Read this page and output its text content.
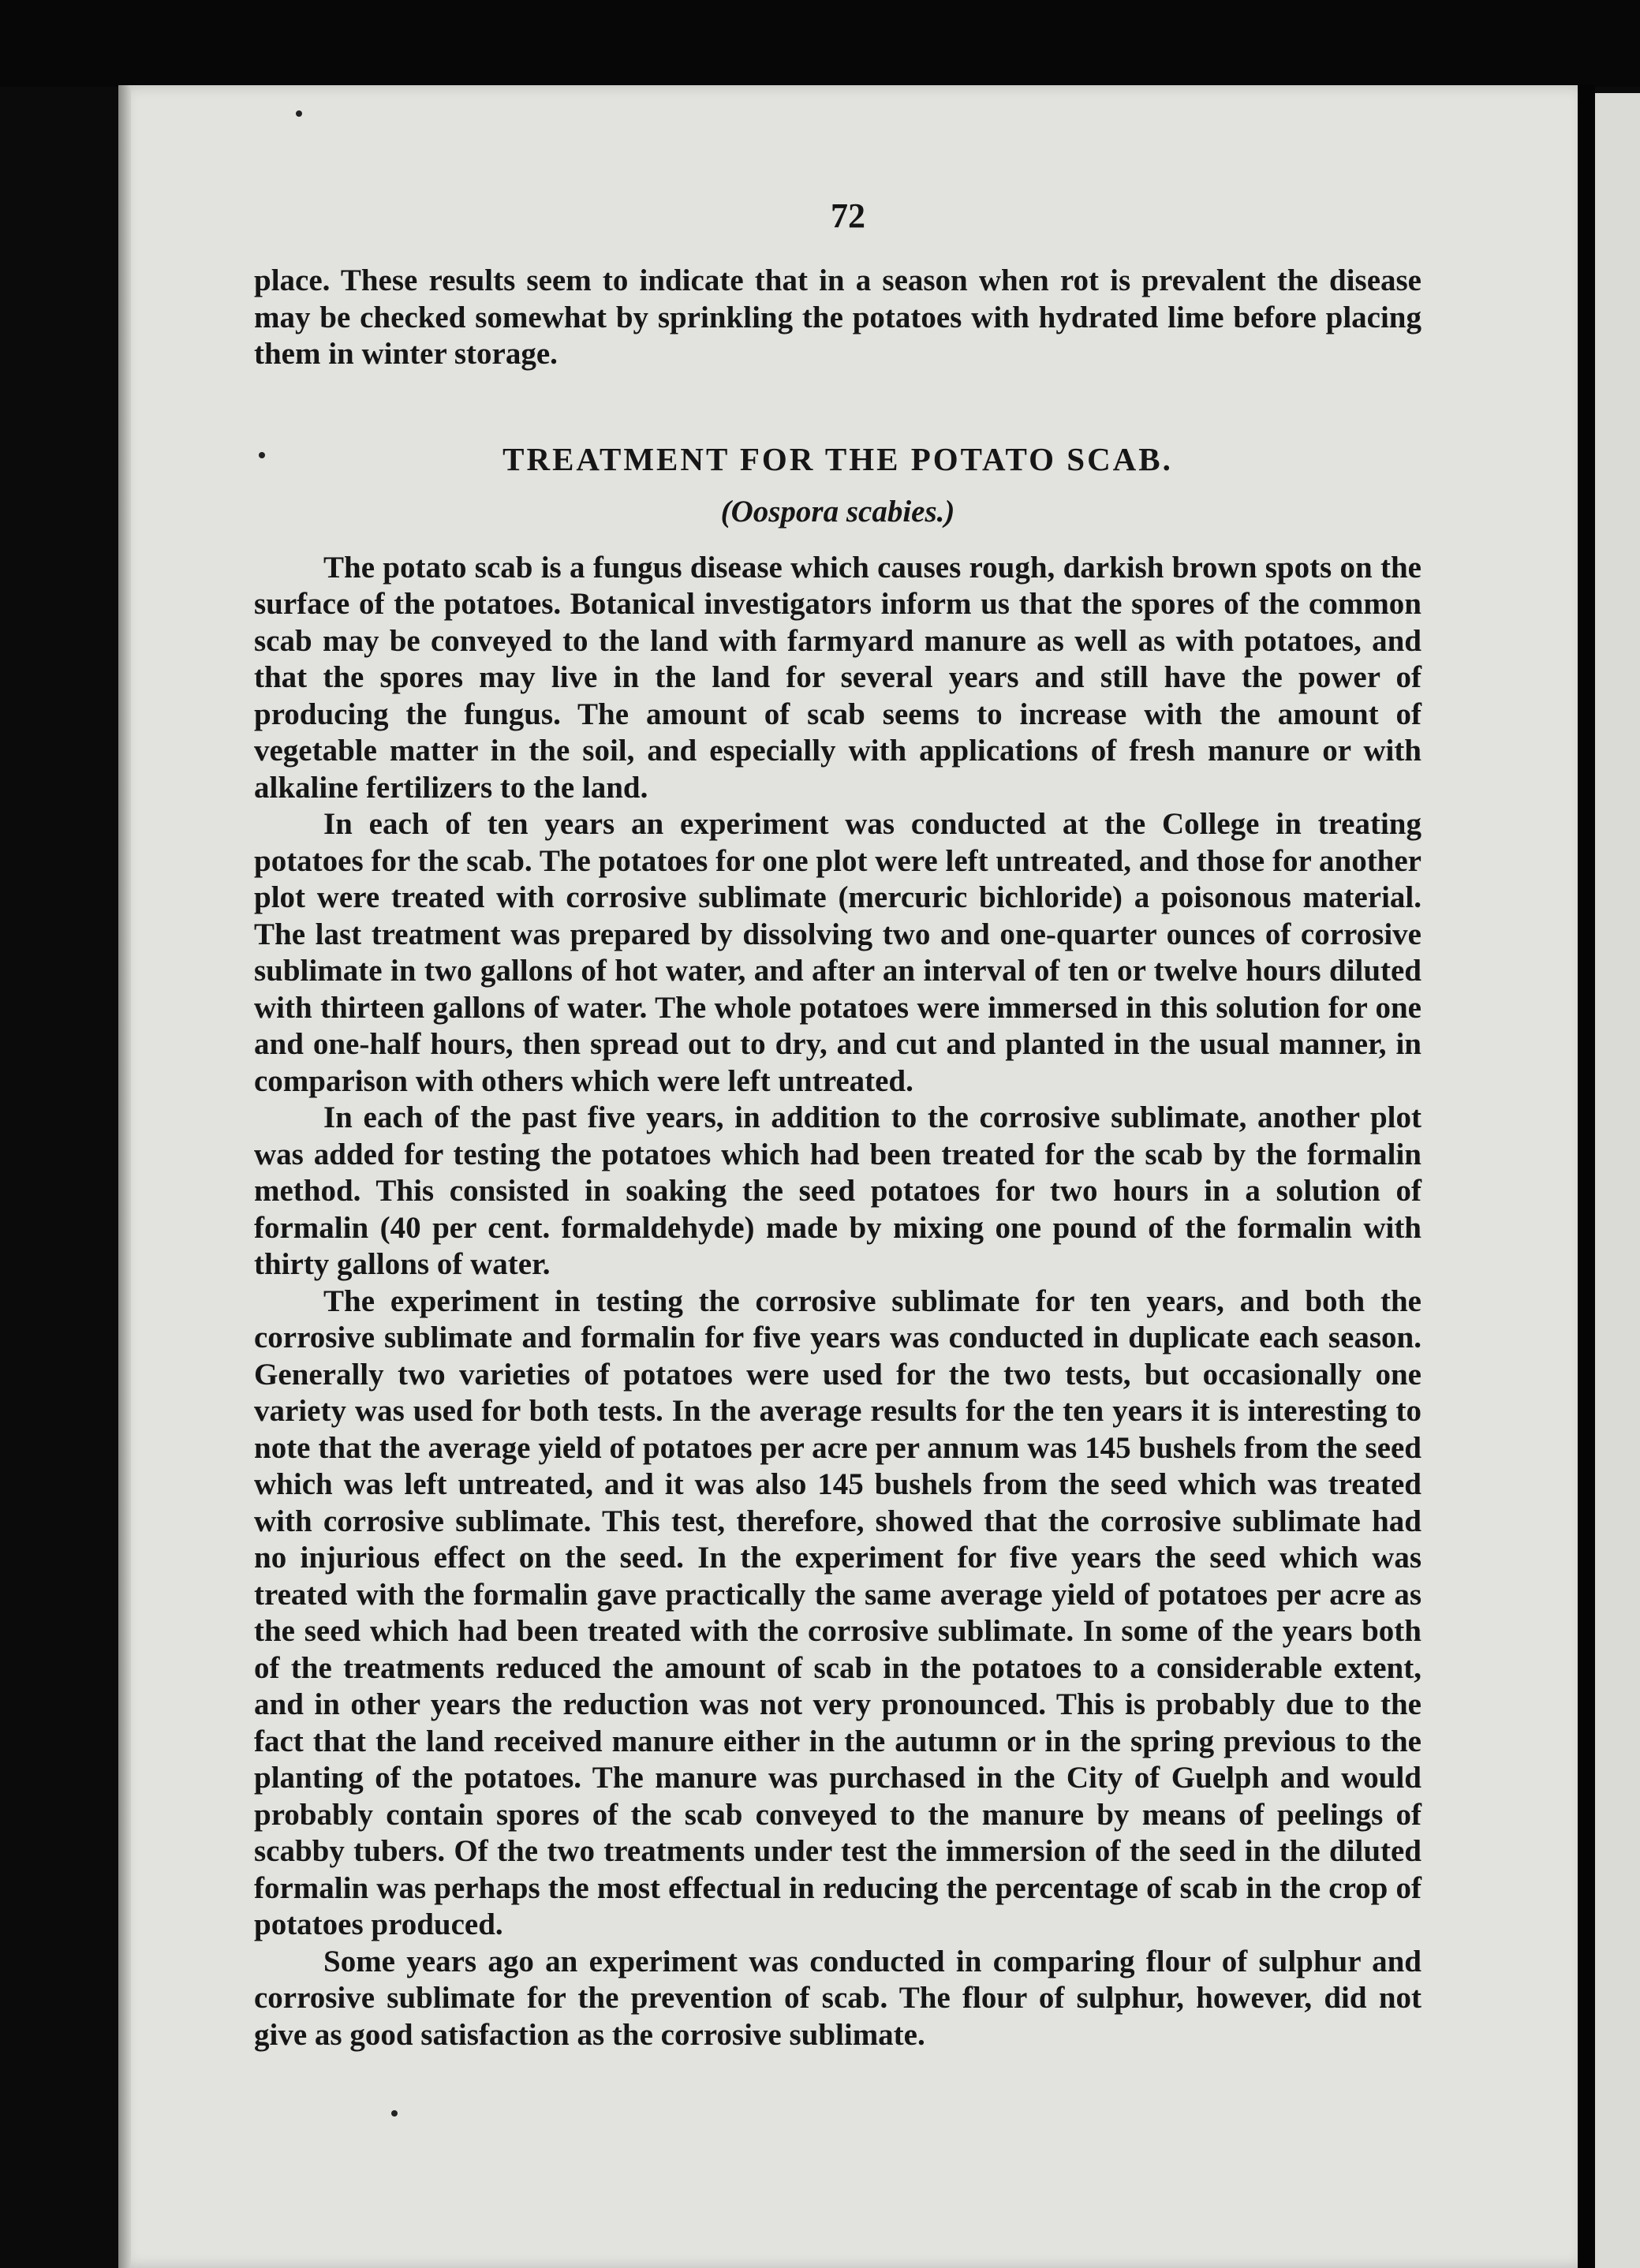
72

place. These results seem to indicate that in a season when rot is prevalent the disease may be checked somewhat by sprinkling the potatoes with hydrated lime before placing them in winter storage.

TREATMENT FOR THE POTATO SCAB.
(Oospora scabies.)

The potato scab is a fungus disease which causes rough, darkish brown spots on the surface of the potatoes. Botanical investigators inform us that the spores of the common scab may be conveyed to the land with farmyard manure as well as with potatoes, and that the spores may live in the land for several years and still have the power of producing the fungus. The amount of scab seems to increase with the amount of vegetable matter in the soil, and especially with applications of fresh manure or with alkaline fertilizers to the land.

In each of ten years an experiment was conducted at the College in treating potatoes for the scab. The potatoes for one plot were left untreated, and those for another plot were treated with corrosive sublimate (mercuric bichloride) a poisonous material. The last treatment was prepared by dissolving two and one-quarter ounces of corrosive sublimate in two gallons of hot water, and after an interval of ten or twelve hours diluted with thirteen gallons of water. The whole potatoes were immersed in this solution for one and one-half hours, then spread out to dry, and cut and planted in the usual manner, in comparison with others which were left untreated.

In each of the past five years, in addition to the corrosive sublimate, another plot was added for testing the potatoes which had been treated for the scab by the formalin method. This consisted in soaking the seed potatoes for two hours in a solution of formalin (40 per cent. formaldehyde) made by mixing one pound of the formalin with thirty gallons of water.

The experiment in testing the corrosive sublimate for ten years, and both the corrosive sublimate and formalin for five years was conducted in duplicate each season. Generally two varieties of potatoes were used for the two tests, but occasionally one variety was used for both tests. In the average results for the ten years it is interesting to note that the average yield of potatoes per acre per annum was 145 bushels from the seed which was left untreated, and it was also 145 bushels from the seed which was treated with corrosive sublimate. This test, therefore, showed that the corrosive sublimate had no injurious effect on the seed. In the experiment for five years the seed which was treated with the formalin gave practically the same average yield of potatoes per acre as the seed which had been treated with the corrosive sublimate. In some of the years both of the treatments reduced the amount of scab in the potatoes to a considerable extent, and in other years the reduction was not very pronounced. This is probably due to the fact that the land received manure either in the autumn or in the spring previous to the planting of the potatoes. The manure was purchased in the City of Guelph and would probably contain spores of the scab conveyed to the manure by means of peelings of scabby tubers. Of the two treatments under test the immersion of the seed in the diluted formalin was perhaps the most effectual in reducing the percentage of scab in the crop of potatoes produced.

Some years ago an experiment was conducted in comparing flour of sulphur and corrosive sublimate for the prevention of scab. The flour of sulphur, however, did not give as good satisfaction as the corrosive sublimate.
